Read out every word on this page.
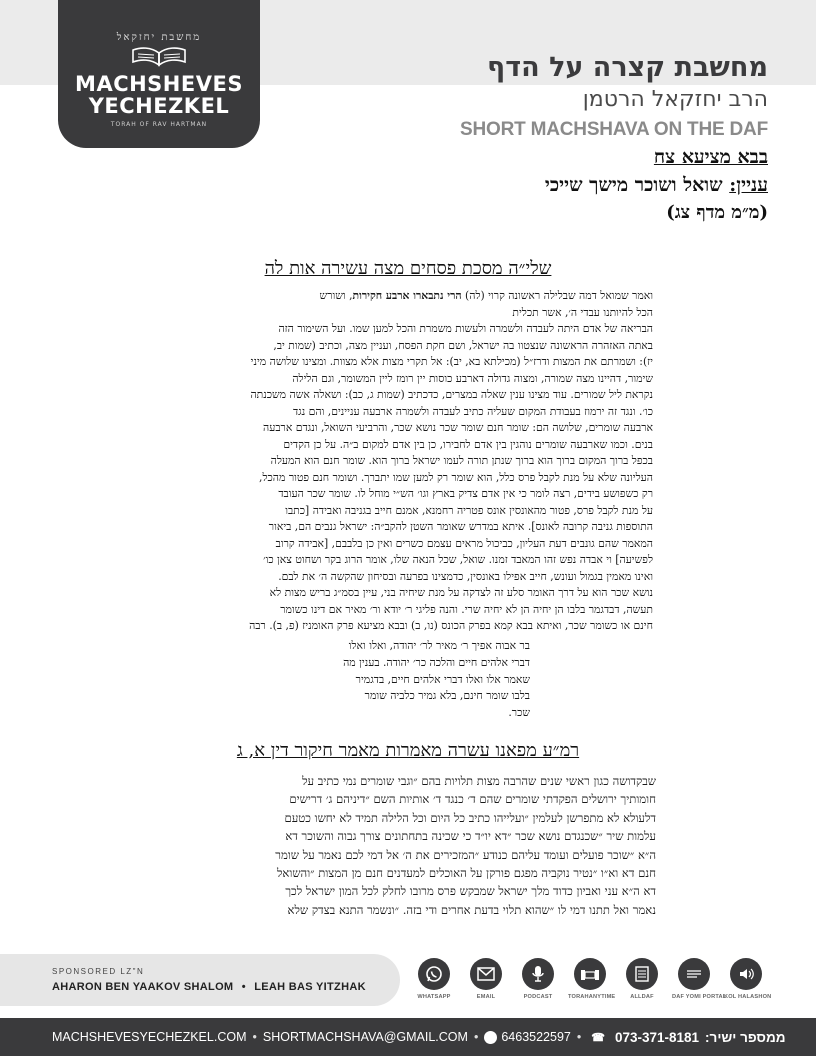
מחשבת יחזקאל
MACHSHEVES
YECHEZKEL
TORAH OF RAV HARTMAN
מחשבת קצרה על הדף
הרב יחזקאל הרטמן
SHORT MACHSHAVA ON THE DAF
בבא מציעא צח
עניין: שואל ושוכר מישך שייכי
(מ״מ מדף צג)
שלי״ה מסכת פסחים מצה עשירה אות לה
ואמר שמואל דמה שבלילה ראשונה קרוי (לה) הרי נתבארו ארבע חקירות, ושורש
הכל להיותנו עבדי ה׳, אשר תכלית
הבריאה של אדם היתה לעבדה ולשמרה ולעשות משמרת והכל למען שמו. ועל השימור הזה
באתה האזהרה הראשונה שנצטוו בה ישראל, ושם חקת הפסח, ועניין מצה, וכתיב (שמות יב,
יז): ושמרתם את המצות ודרז״ל (מכילתא בא, יב): אל תקרי מצות אלא מצוות. ומצינו שלושה מיני
שימור, דהיינו מצה שמורה, ומצוה גדולה דארבע כוסות יין רומז ליין המשומר, וגם הלילה
נקראת ליל שמורים. עוד מצינו ענין שאלה במצרים, כדכתיב (שמות ג, כב): ושאלה אשה משכנתה
כו׳. ונגד זה ירמוז בעבודת המקום שעליה כתיב לעבדה ולשמרה ארבעה עניינים, והם נגד
ארבעה שומרים, שלושה הם: שומר חנם שומר שכר נושא שכר, והרביעי השואל, ונגדם ארבעה
בנים. וכמו שארבעה שומרים נוהגין בין אדם לחבירו, כן בין אדם למקום ב״ה. על כן הקדים
בכפל ברוך המקום ברוך הוא ברוך שנתן תורה לעמו ישראל ברוך הוא. שומר חנם הוא המעלה
העליונה שלא על מנת לקבל פרס כלל, הוא שומר רק למען שמו יתברך. ושומר חנם פטור מהכל,
רק כשפושע בידים, רצה לומר כי אין אדם צדיק בארץ וגו׳ הש״י מוחל לו. שומר שכר העובד
על מנת לקבל פרס, פטור מהאונסין אונס פטריה רחמנא, אמנם חייב בגניבה ואבידה [כתבו
התוספות גניבה קרובה לאונס]. איתא במדרש שאומר השטן להקב״ה: ישראל גנבים הם, ביאור
המאמר שהם גונבים דעת העליון, כביכול מראים עצמם כשרים ואין כן בלבבם, [אבידה קרוב
לפשיעה] וי אבדה נפש זהו המאבד זמנו. שואל, שכל הנאה שלו, אומר הרוג בקר ושחוט צאן כו׳
ואינו מאמין בגמול ועונש, חייב אפילו באונסין, כדמצינו בפרעה ובסיחון שהקשה ה׳ את לבם.
נושא שכר הוא על דרך האומר סלע זה לצדקה על מנת שיחיה בני, עיין בסמ״ג בריש מצות לא
תעשה, דבדגמר בלבו הן יחיה הן לא יחיה שרי. והנה פליגי ר׳ יודא ור׳ מאיר אם דינו כשומר
חינם או כשומר שכר, ואיתא בבא קמא בפרק הכונס (נו, ב) ובבא מציעא פרק האומניז (פ, ב). רבה
בר אבוה אפיך ר׳ מאיר לר׳ יהודה, ואלו ואלו
דברי אלהים חיים והלכה כר׳ יהודה. בענין מה
שאמר אלו ואלו דברי אלהים חיים, בדגמיר
בלבו שומר חינם, בלא גמיר כלביה שומר
שכר.
רמ״ע מפאנו עשרה מאמרות מאמר חיקור דין א, ג
שבקדושה כגון ראשי שנים שהרבה מצות תלויות בהם ״וגבי שומרים נמי כתיב על
חומותיך ירושלים הפקדתי שומרים שהם ד׳ כנגד ד׳ אותיות השם ״דיניהם ג׳ דרישים
דלעולא לא מתפרשן לעלמין ״ועלייהו כתיב כל היום וכל הלילה תמיד לא יחשו כטעם
עלמות שיר ״שכנגדם נושא שכר ״דא יו״ד כי שכינה בתחתונים צורך גבוה והשוכר דא
ה״א ״שוכר פועלים ועומד עליהם כנודע ״המזכירים את ה׳ אל דמי לכם נאמר על שומר
חנם דא וא״ו ״נטיר נוקביה מפגם פורקן על האוכלים למעדנים חנם מן המצות ״והשואל
דא ה״א עני ואביון כדוד מלך ישראל שמבקש פרס מרובו לחלק לכל המון ישראל לכך
נאמר ואל תתנו דמי לו ״שהוא תלוי בדעת אחרים ודי בזה. ״ונשמר התנא בצדק שלא
SPONSORED LZ"N
AHARON BEN YAAKOV SHALOM • LEAH BAS YITZHAK
WHATSAPP	EMAIL	PODCAST	TORAHANYTIME	ALLDAF	DAF YOMI PORTAL
KOL HALASHON
MACHSHEVESYECHEZKEL.COM • SHORTMACHSHAVA@GMAIL.COM • 6463522597 • ☎ 073-371-8181 ממספר ישיר:
